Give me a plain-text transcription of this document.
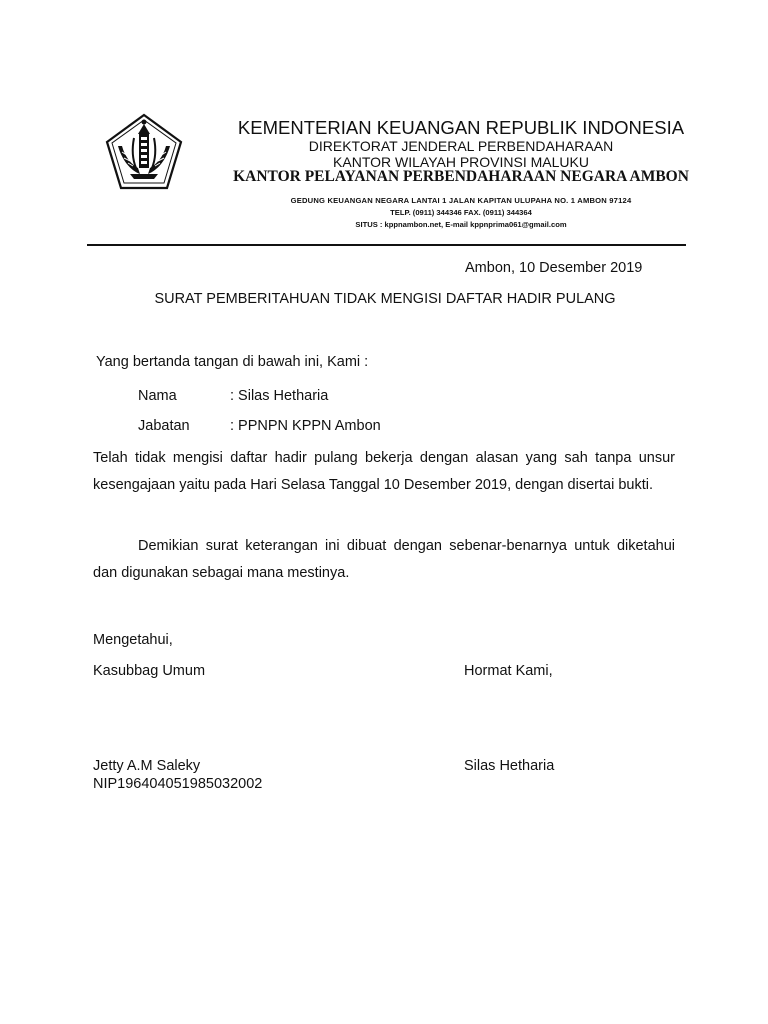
KEMENTERIAN KEUANGAN REPUBLIK INDONESIA
DIREKTORAT JENDERAL PERBENDAHARAAN
KANTOR WILAYAH PROVINSI MALUKU
KANTOR PELAYANAN PERBENDAHARAAN NEGARA AMBON
GEDUNG KEUANGAN NEGARA LANTAI 1 JALAN KAPITAN ULUPAHA NO. 1 AMBON 97124
TELP. (0911) 344346 FAX. (0911) 344364
SITUS : kppnambon.net, E-mail kppnprima061@gmail.com
Ambon, 10 Desember 2019
SURAT PEMBERITAHUAN TIDAK MENGISI DAFTAR HADIR PULANG
Yang bertanda tangan di bawah ini, Kami :
Nama	: Silas Hetharia
Jabatan	: PPNPN KPPN Ambon
Telah tidak mengisi daftar hadir pulang bekerja dengan alasan yang sah tanpa unsur kesengajaan yaitu pada Hari Selasa Tanggal 10 Desember 2019, dengan disertai bukti.
Demikian surat keterangan ini dibuat dengan sebenar-benarnya untuk diketahui dan digunakan sebagai mana mestinya.
Mengetahui,
Kasubbag Umum	Hormat Kami,
Jetty A.M Saleky
NIP196404051985032002
Silas Hetharia
